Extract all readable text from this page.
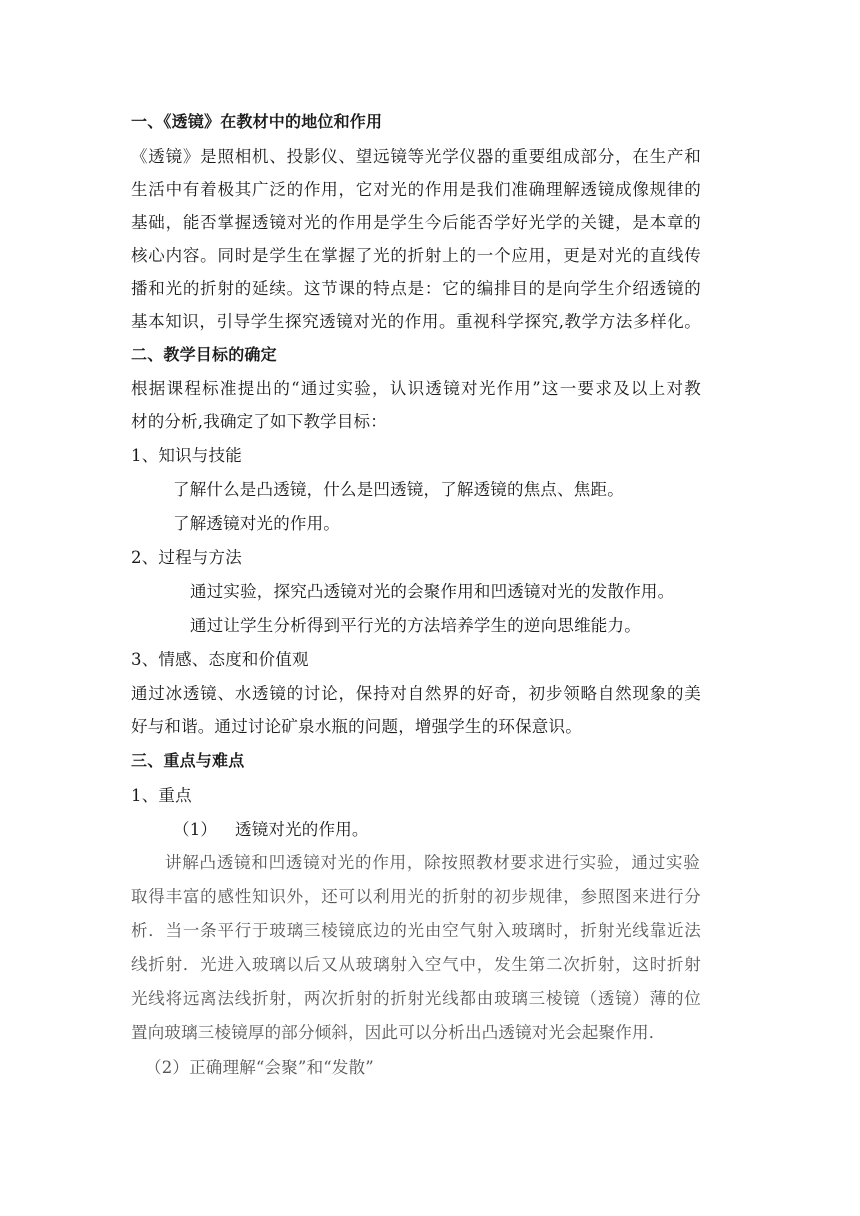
一、《透镜》在教材中的地位和作用
《透镜》是照相机、投影仪、望远镜等光学仪器的重要组成部分，在生产和
生活中有着极其广泛的作用，它对光的作用是我们准确理解透镜成像规律的
基础，能否掌握透镜对光的作用是学生今后能否学好光学的关键，是本章的
核心内容。同时是学生在掌握了光的折射上的一个应用，更是对光的直线传
播和光的折射的延续。这节课的特点是：它的编排目的是向学生介绍透镜的
基本知识，引导学生探究透镜对光的作用。重视科学探究,教学方法多样化。
二、教学目标的确定
根据课程标准提出的“通过实验，认识透镜对光作用”这一要求及以上对教
材的分析,我确定了如下教学目标：
1、知识与技能
了解什么是凸透镜，什么是凹透镜，了解透镜的焦点、焦距。
了解透镜对光的作用。
2、过程与方法
通过实验，探究凸透镜对光的会聚作用和凹透镜对光的发散作用。
通过让学生分析得到平行光的方法培养学生的逆向思维能力。
3、情感、态度和价值观
通过冰透镜、水透镜的讨论，保持对自然界的好奇，初步领略自然现象的美
好与和谐。通过讨论矿泉水瓶的问题，增强学生的环保意识。
三、重点与难点
1、重点
（1） 透镜对光的作用。
讲解凸透镜和凹透镜对光的作用，除按照教材要求进行实验，通过实验
取得丰富的感性知识外，还可以利用光的折射的初步规律，参照图来进行分
析．当一条平行于玻璃三棱镜底边的光由空气射入玻璃时，折射光线靠近法
线折射．光进入玻璃以后又从玻璃射入空气中，发生第二次折射，这时折射
光线将远离法线折射，两次折射的折射光线都由玻璃三棱镜（透镜）薄的位
置向玻璃三棱镜厚的部分倾斜，因此可以分析出凸透镜对光会起聚作用．
（2）正确理解“会聚”和“发散”
